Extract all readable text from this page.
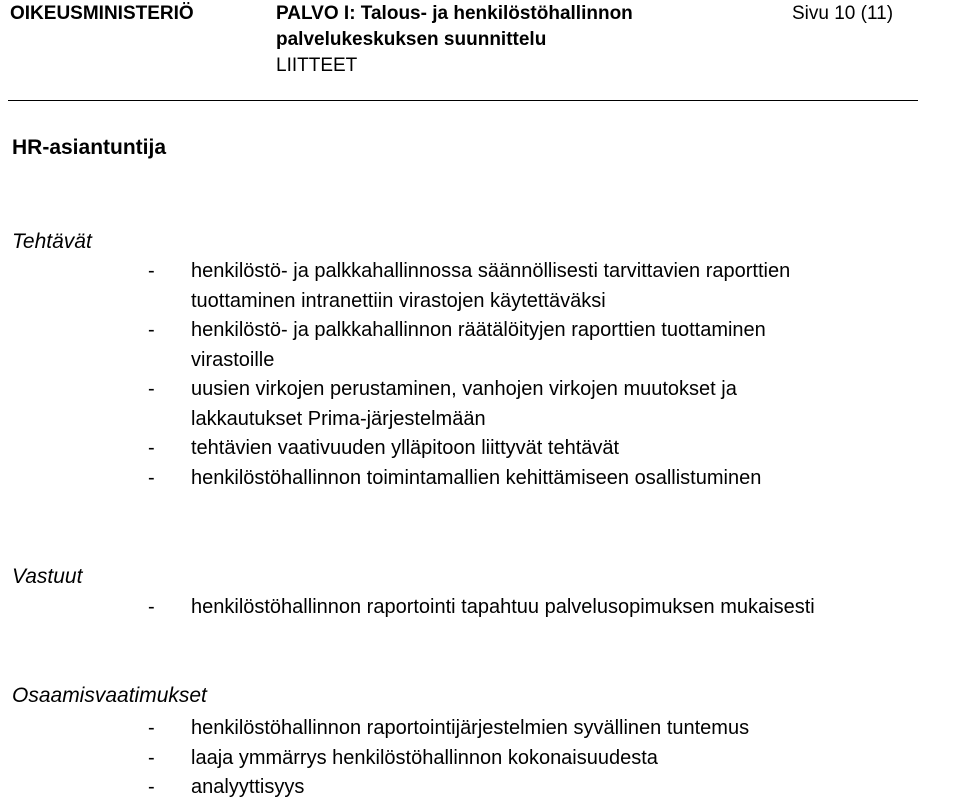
OIKEUSMINISTERIÖ	PALVO I: Talous- ja henkilöstöhallinnon
palvelukeskuksen suunnittelu
LIITTEET
Sivu 10 (11)
HR-asiantuntija
Tehtävät
-	henkilöstö- ja palkkahallinnossa säännöllisesti tarvittavien raporttien
tuottaminen intranettiin virastojen käytettäväksi
-	henkilöstö- ja palkkahallinnon räätälöityjen raporttien tuottaminen
virastoille
-	uusien virkojen perustaminen, vanhojen virkojen muutokset ja
lakkautukset Prima-järjestelmään
-	tehtävien vaativuuden ylläpitoon liittyvät tehtävät
-	henkilöstöhallinnon toimintamallien kehittämiseen osallistuminen
Vastuut
-	henkilöstöhallinnon raportointi tapahtuu palvelusopimuksen mukaisesti
Osaamisvaatimukset
-	henkilöstöhallinnon raportointijärjestelmien syvällinen tuntemus
-	laaja ymmärrys henkilöstöhallinnon kokonaisuudesta
-	analyyttisyys
